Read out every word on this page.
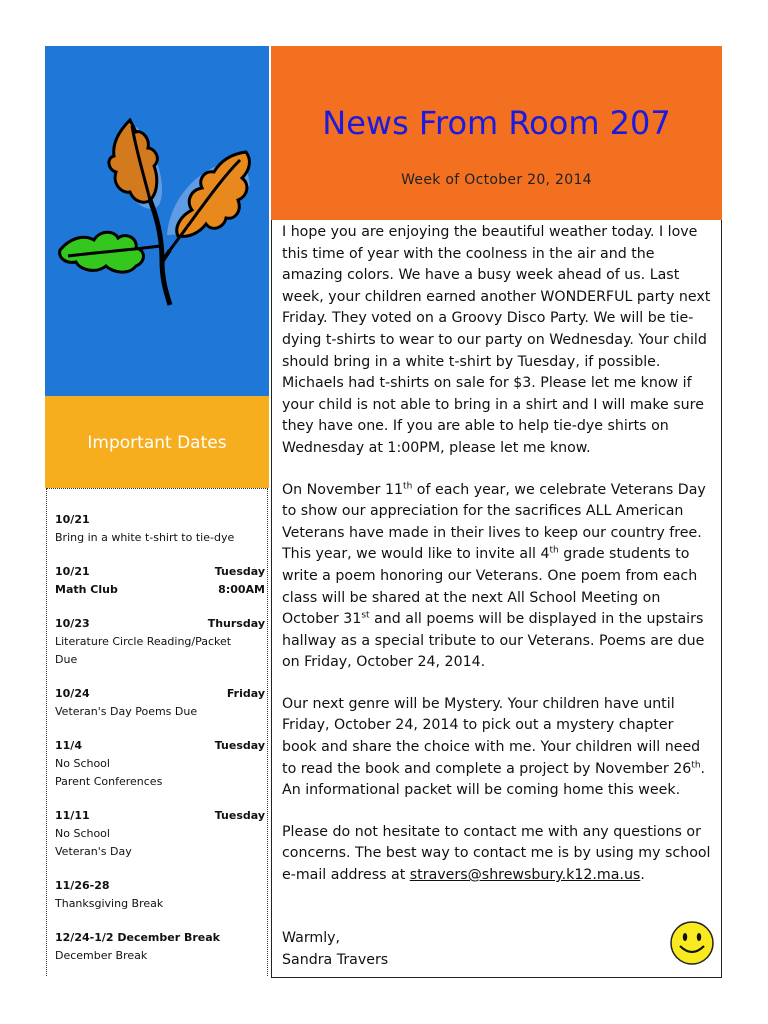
News From Room 207
Week of October 20, 2014
Important Dates
10/21
Bring in a white t-shirt to tie-dye
10/21	Tuesday
Math Club	8:00AM
10/23	Thursday
Literature Circle Reading/Packet
Due
10/24	Friday
Veteran's Day Poems Due
11/4	Tuesday
No School
Parent Conferences
11/11	Tuesday
No School
Veteran's Day
11/26-28
Thanksgiving Break
12/24-1/2 December Break
December Break

I hope you are enjoying the beautiful weather today. I love this time of year with the coolness in the air and the amazing colors. We have a busy week ahead of us. Last week, your children earned another WONDERFUL party next Friday. They voted on a Groovy Disco Party. We will be tie-dying t-shirts to wear to our party on Wednesday. Your child should bring in a white t-shirt by Tuesday, if possible. Michaels had t-shirts on sale for $3. Please let me know if your child is not able to bring in a shirt and I will make sure they have one. If you are able to help tie-dye shirts on Wednesday at 1:00PM, please let me know.

On November 11th of each year, we celebrate Veterans Day to show our appreciation for the sacrifices ALL American Veterans have made in their lives to keep our country free. This year, we would like to invite all 4th grade students to write a poem honoring our Veterans. One poem from each class will be shared at the next All School Meeting on October 31st and all poems will be displayed in the upstairs hallway as a special tribute to our Veterans. Poems are due on Friday, October 24, 2014.

Our next genre will be Mystery. Your children have until Friday, October 24, 2014 to pick out a mystery chapter book and share the choice with me. Your children will need to read the book and complete a project by November 26th. An informational packet will be coming home this week.

Please do not hesitate to contact me with any questions or concerns. The best way to contact me is by using my school e-mail address at stravers@shrewsbury.k12.ma.us.

Warmly,
Sandra Travers
